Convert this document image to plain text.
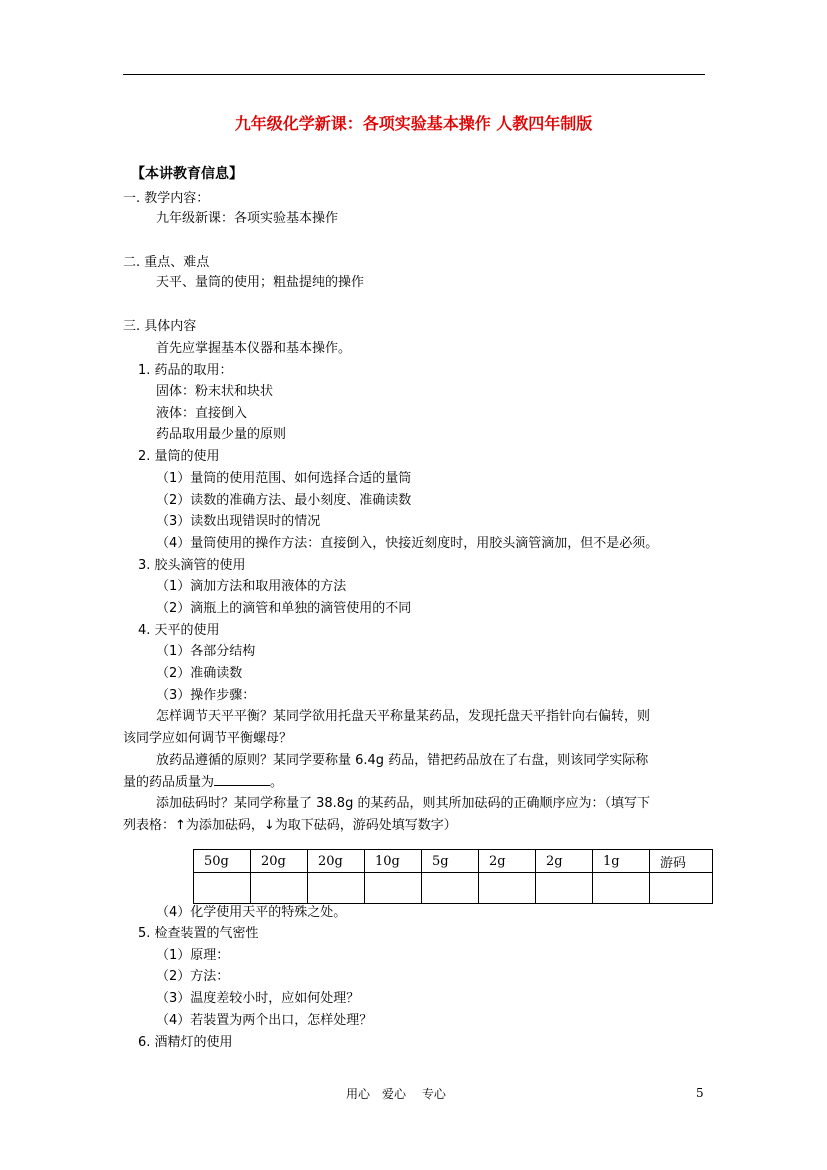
九年级化学新课：各项实验基本操作 人教四年制版
【本讲教育信息】
一. 教学内容：
九年级新课：各项实验基本操作
二. 重点、难点
天平、量筒的使用；粗盐提纯的操作
三. 具体内容
首先应掌握基本仪器和基本操作。
1. 药品的取用：
固体：粉末状和块状
液体：直接倒入
药品取用最少量的原则
2. 量筒的使用
（1）量筒的使用范围、如何选择合适的量筒
（2）读数的准确方法、最小刻度、准确读数
（3）读数出现错误时的情况
（4）量筒使用的操作方法：直接倒入，快接近刻度时，用胶头滴管滴加，但不是必须。
3. 胶头滴管的使用
（1）滴加方法和取用液体的方法
（2）滴瓶上的滴管和单独的滴管使用的不同
4. 天平的使用
（1）各部分结构
（2）准确读数
（3）操作步骤：
怎样调节天平平衡？某同学欲用托盘天平称量某药品，发现托盘天平指针向右偏转，则
该同学应如何调节平衡螺母？
放药品遵循的原则？某同学要称量 6.4g 药品，错把药品放在了右盘，则该同学实际称
量的药品质量为	。
添加砝码时？某同学称量了 38.8g 的某药品，则其所加砝码的正确顺序应为：（填写下
列表格：↑为添加砝码，↓为取下砝码，游码处填写数字）
50g	20g	20g	10g	5g	2g	2g	1g	游码

（4）化学使用天平的特殊之处。
5. 检查装置的气密性
（1）原理：
（2）方法：
（3）温度差较小时，应如何处理？
（4）若装置为两个出口，怎样处理？
6. 酒精灯的使用
用心　爱心　 专心	5
